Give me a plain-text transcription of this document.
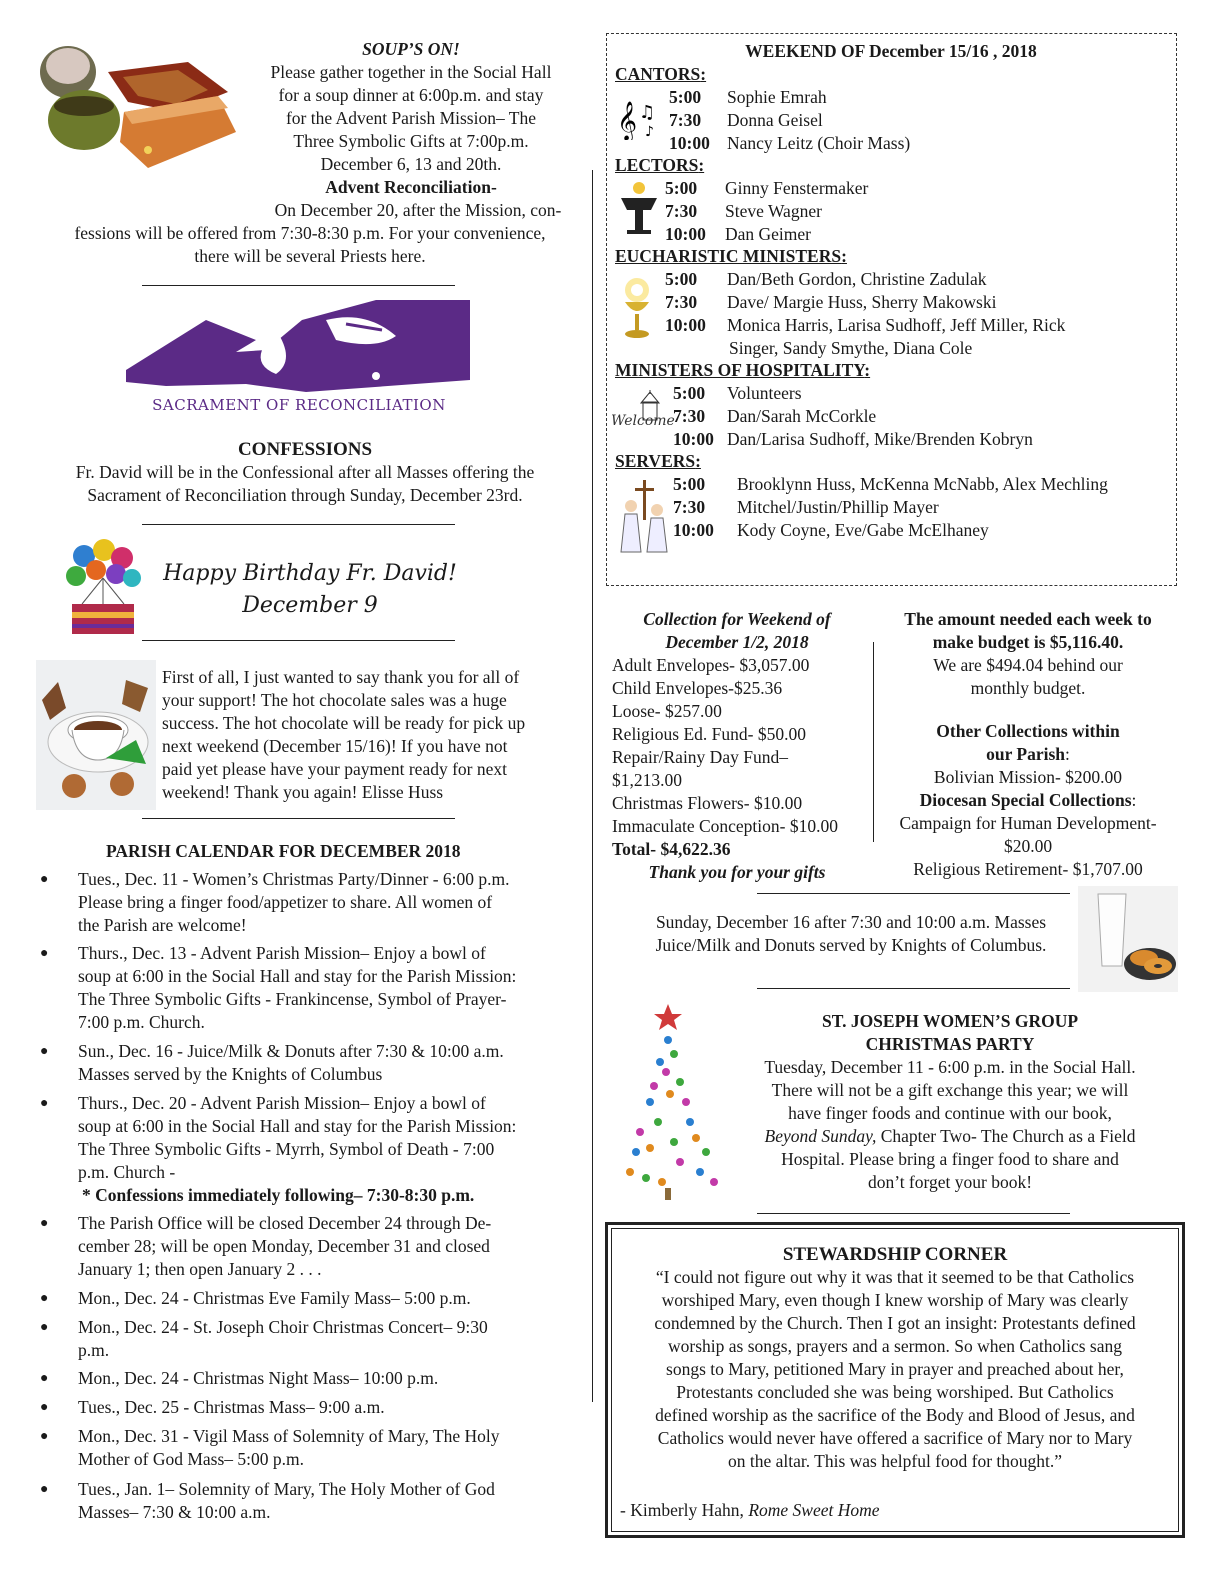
SOUP’S ON!
Please gather together in the Social Hall
for a soup dinner at 6:00p.m. and stay
for the Advent Parish Mission– The
Three Symbolic Gifts at 7:00p.m.
December 6, 13 and 20th.
Advent Reconciliation-
On December 20, after the Mission, con-
fessions will be offered from 7:30-8:30 p.m. For your convenience,
there will be several Priests here.
SACRAMENT OF RECONCILIATION
CONFESSIONS
Fr. David will be in the Confessional after all Masses offering the
Sacrament of Reconciliation through Sunday, December 23rd.
Happy Birthday Fr. David!
December 9
First of all, I just wanted to say thank you for all of
your support! The hot chocolate sales was a huge
success. The hot chocolate will be ready for pick up
next weekend (December 15/16)! If you have not
paid yet please have your payment ready for next
weekend! Thank you again! Elisse Huss
PARISH CALENDAR FOR DECEMBER 2018
● Tues., Dec. 11 - Women’s Christmas Party/Dinner - 6:00 p.m.
Please bring a finger food/appetizer to share. All women of
the Parish are welcome!
● Thurs., Dec. 13 - Advent Parish Mission– Enjoy a bowl of
soup at 6:00 in the Social Hall and stay for the Parish Mission:
The Three Symbolic Gifts - Frankincense, Symbol of Prayer-
7:00 p.m. Church.
● Sun., Dec. 16 - Juice/Milk & Donuts after 7:30 & 10:00 a.m.
Masses served by the Knights of Columbus
● Thurs., Dec. 20 - Advent Parish Mission– Enjoy a bowl of
soup at 6:00 in the Social Hall and stay for the Parish Mission:
The Three Symbolic Gifts - Myrrh, Symbol of Death - 7:00
p.m. Church -
* Confessions immediately following– 7:30-8:30 p.m.
● The Parish Office will be closed December 24 through De-
cember 28; will be open Monday, December 31 and closed
January 1; then open January 2 . . .
● Mon., Dec. 24 - Christmas Eve Family Mass– 5:00 p.m.
● Mon., Dec. 24 - St. Joseph Choir Christmas Concert– 9:30
p.m.
● Mon., Dec. 24 - Christmas Night Mass– 10:00 p.m.
● Tues., Dec. 25 - Christmas Mass– 9:00 a.m.
● Mon., Dec. 31 - Vigil Mass of Solemnity of Mary, The Holy
Mother of God Mass– 5:00 p.m.
● Tues., Jan. 1– Solemnity of Mary, The Holy Mother of God
Masses– 7:30 & 10:00 a.m.
WEEKEND OF December 15/16 , 2018
CANTORS:
𝄞 ♫
♪
5:00 Sophie Emrah
7:30 Donna Geisel
10:00 Nancy Leitz (Choir Mass)
LECTORS:
5:00 Ginny Fenstermaker
7:30 Steve Wagner
10:00 Dan Geimer
EUCHARISTIC MINISTERS:
5:00 Dan/Beth Gordon, Christine Zadulak
7:30 Dave/ Margie Huss, Sherry Makowski
10:00 Monica Harris, Larisa Sudhoff, Jeff Miller, Rick
Singer, Sandy Smythe, Diana Cole
MINISTERS OF HOSPITALITY:
Welcome
5:00 Volunteers
7:30 Dan/Sarah McCorkle
10:00 Dan/Larisa Sudhoff, Mike/Brenden Kobryn
SERVERS:
5:00 Brooklynn Huss, McKenna McNabb, Alex Mechling
7:30 Mitchel/Justin/Phillip Mayer
10:00 Kody Coyne, Eve/Gabe McElhaney
Collection for Weekend of
December 1/2, 2018
Adult Envelopes- $3,057.00
Child Envelopes-$25.36
Loose- $257.00
Religious Ed. Fund- $50.00
Repair/Rainy Day Fund–
$1,213.00
Christmas Flowers- $10.00
Immaculate Conception- $10.00
Total- $4,622.36
Thank you for your gifts
The amount needed each week to
make budget is $5,116.40.
We are $494.04 behind our
monthly budget.
Other Collections within
our Parish:
Bolivian Mission- $200.00
Diocesan Special Collections:
Campaign for Human Development-
$20.00
Religious Retirement- $1,707.00
Sunday, December 16 after 7:30 and 10:00 a.m. Masses
Juice/Milk and Donuts served by Knights of Columbus.
ST. JOSEPH WOMEN’S GROUP
CHRISTMAS PARTY
Tuesday, December 11 - 6:00 p.m. in the Social Hall.
There will not be a gift exchange this year; we will
have finger foods and continue with our book,
Beyond Sunday, Chapter Two- The Church as a Field
Hospital. Please bring a finger food to share and
don’t forget your book!
STEWARDSHIP CORNER
“I could not figure out why it was that it seemed to be that Catholics
worshiped Mary, even though I knew worship of Mary was clearly
condemned by the Church. Then I got an insight: Protestants defined
worship as songs, prayers and a sermon. So when Catholics sang
songs to Mary, petitioned Mary in prayer and preached about her,
Protestants concluded she was being worshiped. But Catholics
defined worship as the sacrifice of the Body and Blood of Jesus, and
Catholics would never have offered a sacrifice of Mary nor to Mary
on the altar. This was helpful food for thought.”
- Kimberly Hahn, Rome Sweet Home
